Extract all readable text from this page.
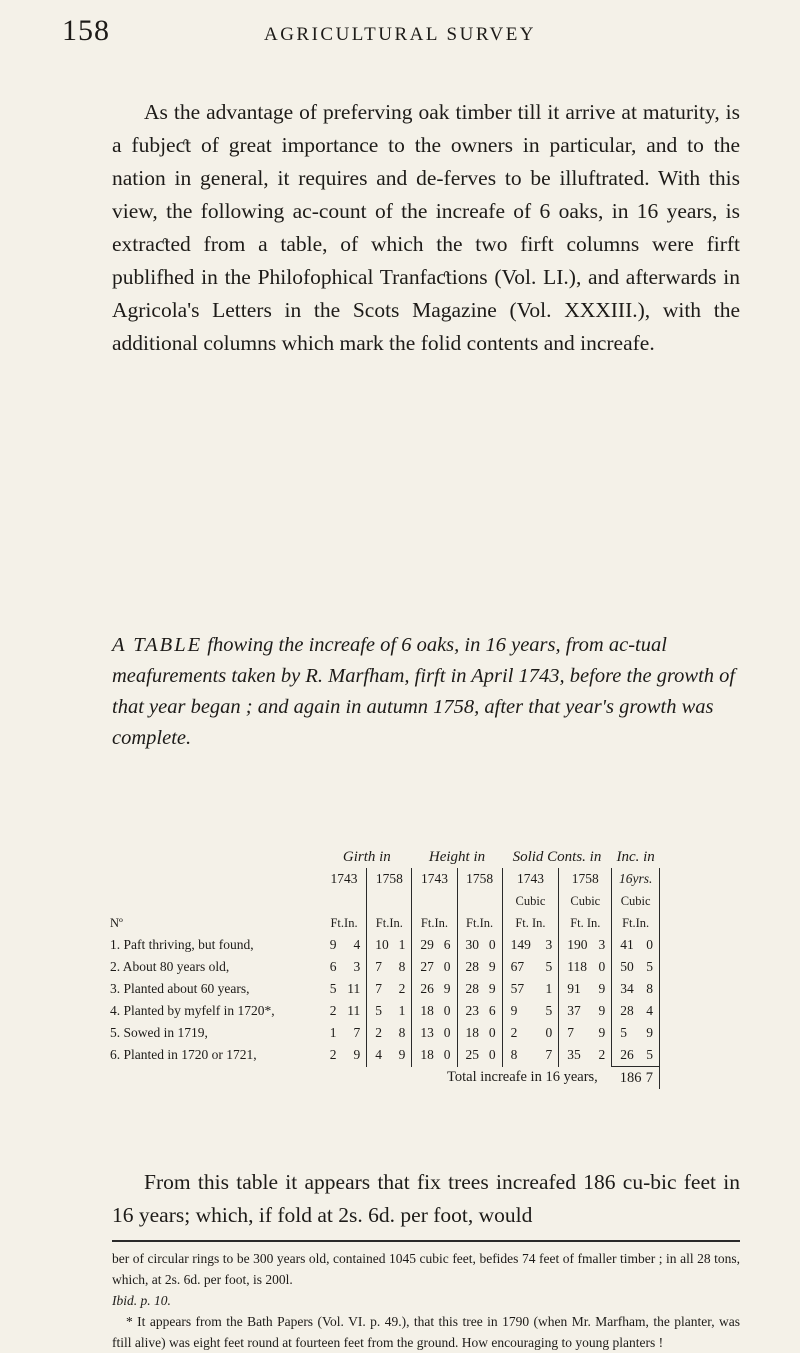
158	AGRICULTURAL SURVEY

As the advantage of preferving oak timber till it arrive at maturity, is a fubjeƈt of great importance to the owners in particular, and to the nation in general, it requires and de-ferves to be illuftrated. With this view, the following ac-count of the increafe of 6 oaks, in 16 years, is extraƈted from a table, of which the two firft columns were firft publifhed in the Philofophical Tranfaƈtions (Vol. LI.), and afterwards in Agricola's Letters in the Scots Magazine (Vol. XXXIII.), with the additional columns which mark the folid contents and increafe.

A TABLE fhowing the increafe of 6 oaks, in 16 years, from ac-tual meafurements taken by R. Marfham, firft in April 1743, before the growth of that year began ; and again in autumn 1758, after that year's growth was complete.

	Girth in		Height in		Solid Conts. in		Inc. in
	1743	1758	1743	1758	1743	1758	16yrs.
					Cubic	Cubic	Cubic
Nº	Ft.In.	Ft.In.	Ft.In.	Ft.In.	Ft. In.	Ft. In.	Ft.In.
1. Paft thriving, but found,	9 4	10 1	29 6	30 0	149 3	190 3	41 0

2. About 80 years old,	6 3	7 8	27 0	28 9	67 5	118 0	50 5

3. Planted about 60 years,	5 11	7 2	26 9	28 9	57 1	91 9	34 8

4. Planted by myfelf in 1720*,	2 11	5 1	18 0	23 6	9 5	37 9	28 4

5. Sowed in 1719,	1 7	2 8	13 0	18 0	2 0	7 9	5 9

6. Planted in 1720 or 1721,	2 9	4 9	18 0	25 0	8 7	35 2	26 5

Total increafe in 16 years,							186 7

From this table it appears that fix trees increafed 186 cu-bic feet in 16 years; which, if fold at 2s. 6d. per foot, would

ber of circular rings to be 300 years old, contained 1045 cubic feet, befides 74 feet of fmaller timber ; in all 28 tons, which, at 2s. 6d. per foot, is 200l.

Ibid. p. 10.

* It appears from the Bath Papers (Vol. VI. p. 49.), that this tree in 1790 (when Mr. Marfham, the planter, was ftill alive) was eight feet round at fourteen feet from the ground. How encouraging to young planters !
